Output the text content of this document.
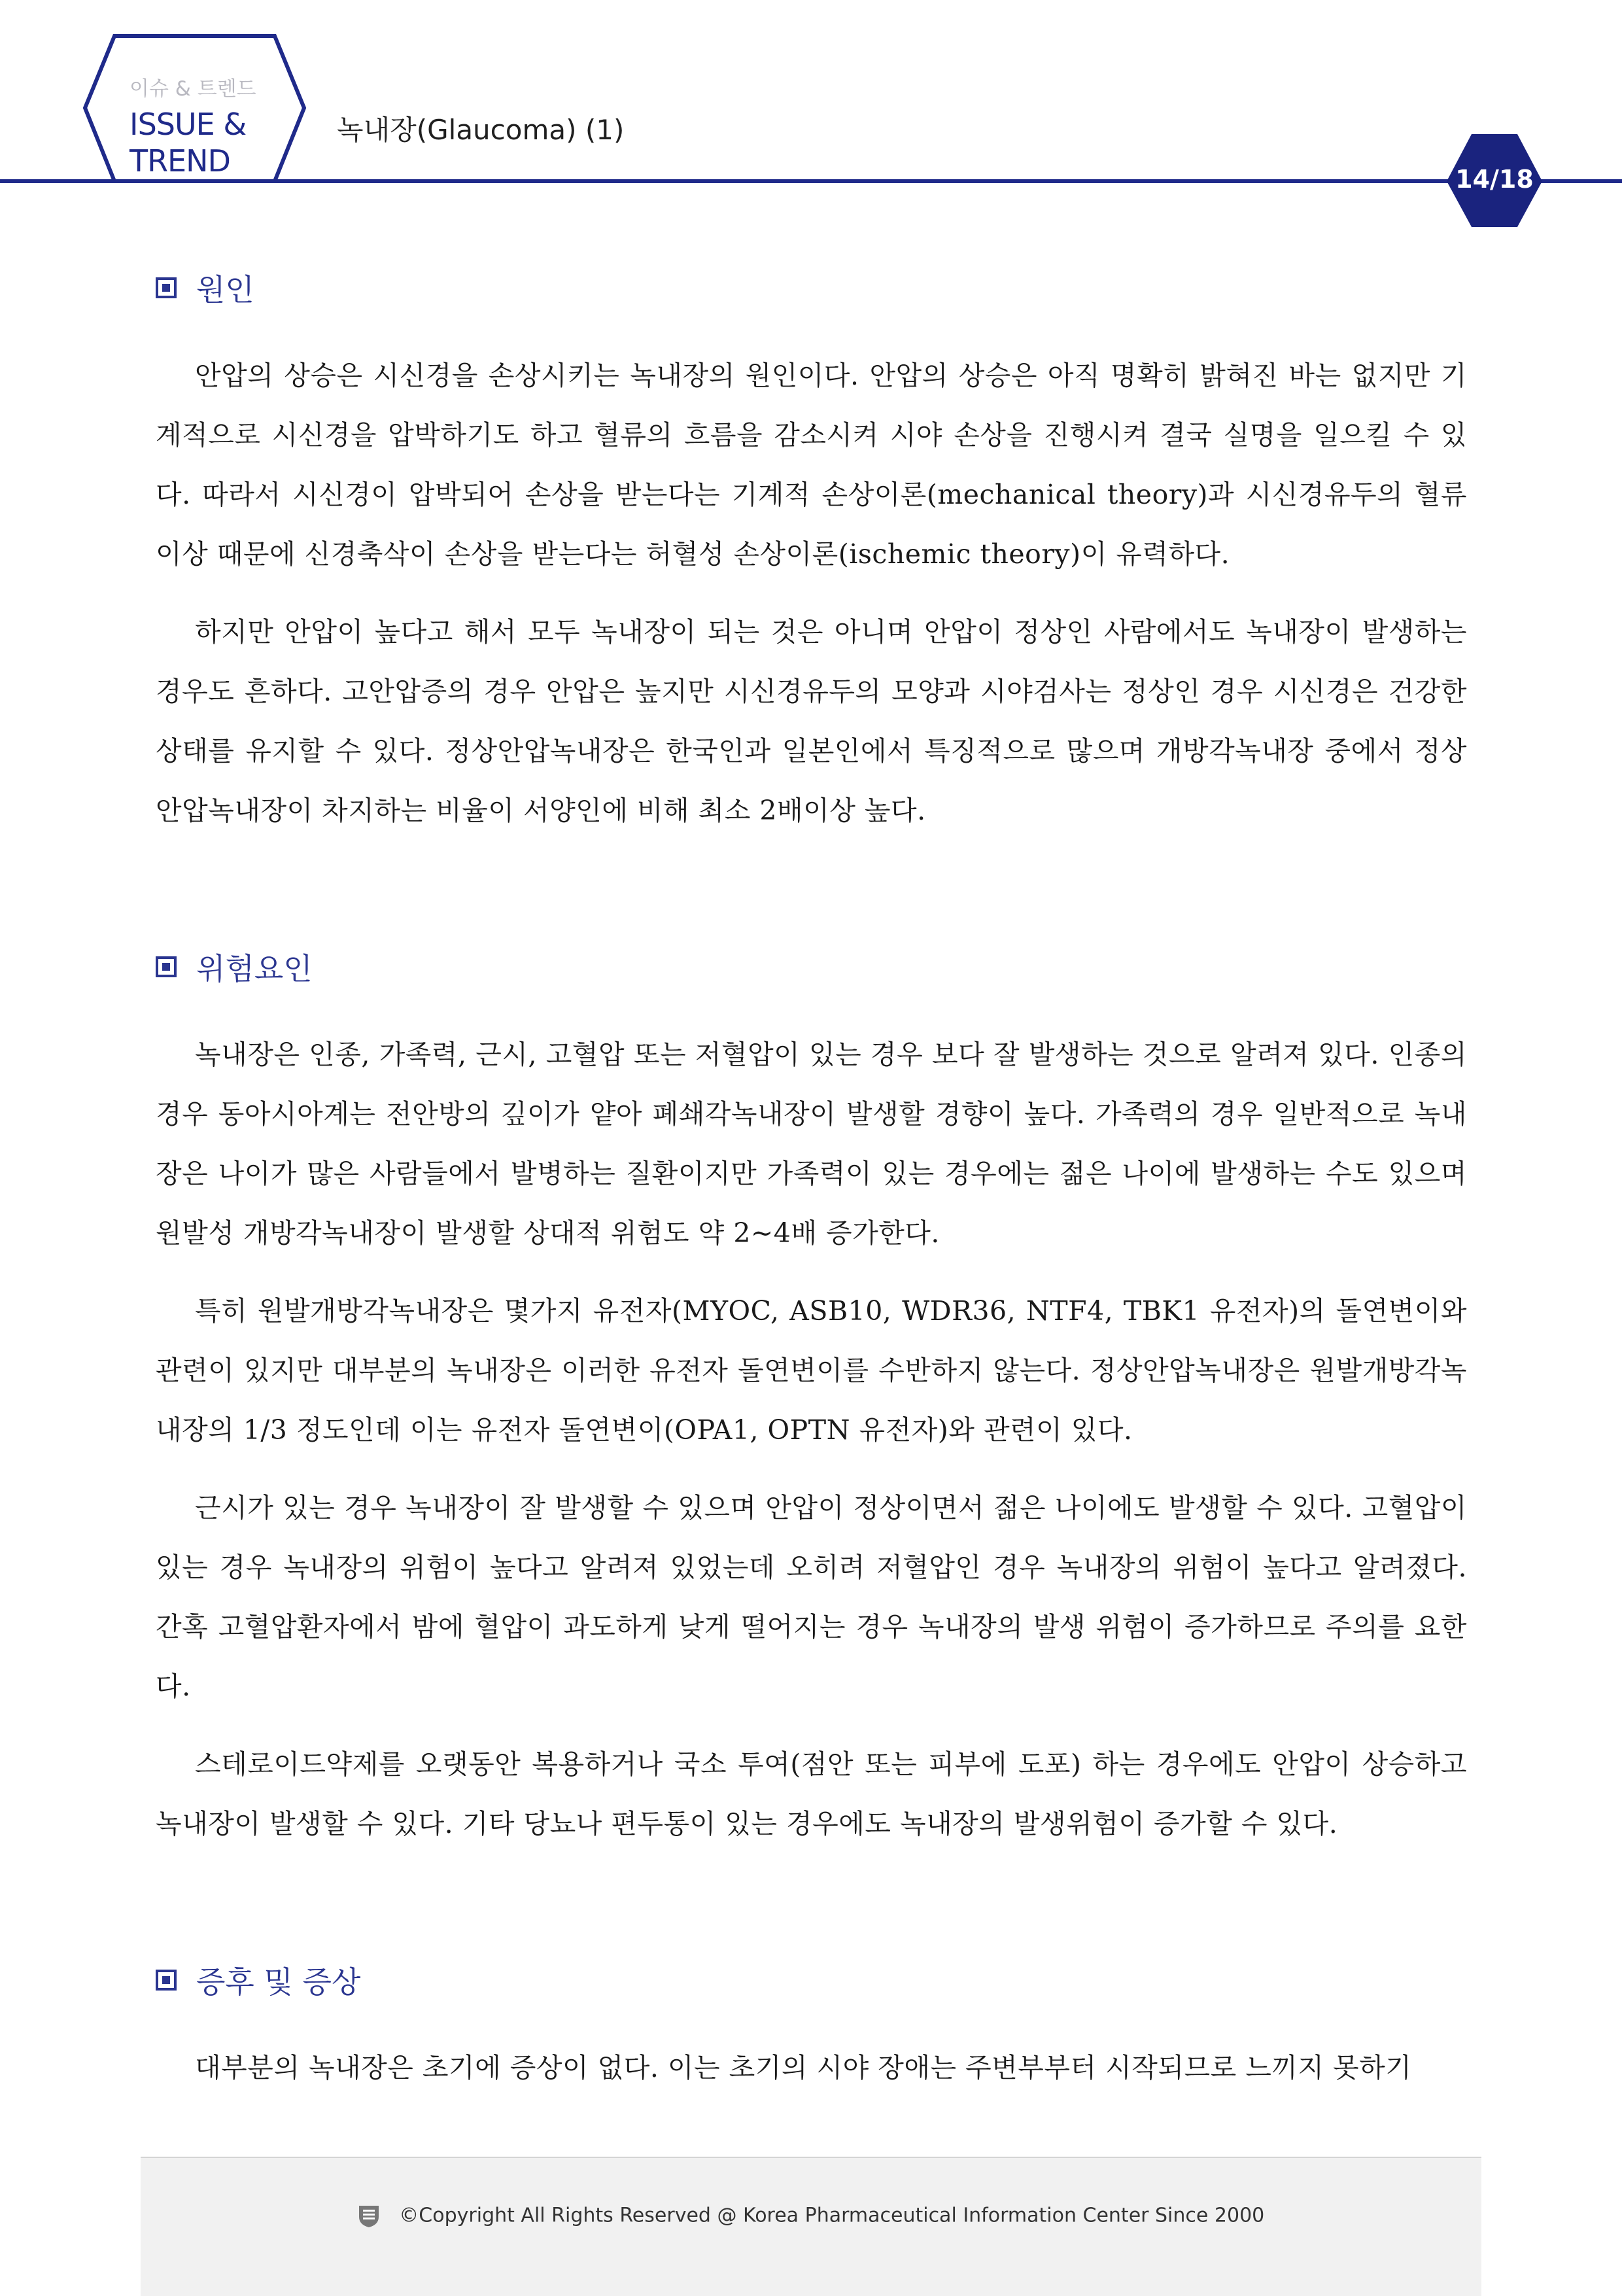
이슈 & 트렌드
ISSUE &
TREND
녹내장(Glaucoma) (1)
14/18
원인

안압의 상승은 시신경을 손상시키는 녹내장의 원인이다. 안압의 상승은 아직 명확히 밝혀진 바는 없지만 기계적으로 시신경을 압박하기도 하고 혈류의 흐름을 감소시켜 시야 손상을 진행시켜 결국 실명을 일으킬 수 있다. 따라서 시신경이 압박되어 손상을 받는다는 기계적 손상이론(mechanical theory)과 시신경유두의 혈류이상 때문에 신경축삭이 손상을 받는다는 허혈성 손상이론(ischemic theory)이 유력하다.

하지만 안압이 높다고 해서 모두 녹내장이 되는 것은 아니며 안압이 정상인 사람에서도 녹내장이 발생하는 경우도 흔하다. 고안압증의 경우 안압은 높지만 시신경유두의 모양과 시야검사는 정상인 경우 시신경은 건강한 상태를 유지할 수 있다. 정상안압녹내장은 한국인과 일본인에서 특징적으로 많으며 개방각녹내장 중에서 정상 안압녹내장이 차지하는 비율이 서양인에 비해 최소 2배이상 높다.

위험요인

녹내장은 인종, 가족력, 근시, 고혈압 또는 저혈압이 있는 경우 보다 잘 발생하는 것으로 알려져 있다. 인종의 경우 동아시아계는 전안방의 깊이가 얕아 폐쇄각녹내장이 발생할 경향이 높다. 가족력의 경우 일반적으로 녹내장은 나이가 많은 사람들에서 발병하는 질환이지만 가족력이 있는 경우에는 젊은 나이에 발생하는 수도 있으며 원발성 개방각녹내장이 발생할 상대적 위험도 약 2~4배 증가한다.

특히 원발개방각녹내장은 몇가지 유전자(MYOC, ASB10, WDR36, NTF4, TBK1 유전자)의 돌연변이와 관련이 있지만 대부분의 녹내장은 이러한 유전자 돌연변이를 수반하지 않는다. 정상안압녹내장은 원발개방각녹내장의 1/3 정도인데 이는 유전자 돌연변이(OPA1, OPTN 유전자)와 관련이 있다.

근시가 있는 경우 녹내장이 잘 발생할 수 있으며 안압이 정상이면서 젊은 나이에도 발생할 수 있다. 고혈압이 있는 경우 녹내장의 위험이 높다고 알려져 있었는데 오히려 저혈압인 경우 녹내장의 위험이 높다고 알려졌다. 간혹 고혈압환자에서 밤에 혈압이 과도하게 낮게 떨어지는 경우 녹내장의 발생 위험이 증가하므로 주의를 요한다.

스테로이드약제를 오랫동안 복용하거나 국소 투여(점안 또는 피부에 도포) 하는 경우에도 안압이 상승하고 녹내장이 발생할 수 있다. 기타 당뇨나 편두통이 있는 경우에도 녹내장의 발생위험이 증가할 수 있다.

증후 및 증상

대부분의 녹내장은 초기에 증상이 없다. 이는 초기의 시야 장애는 주변부부터 시작되므로 느끼지 못하기

©Copyright All Rights Reserved @ Korea Pharmaceutical Information Center Since 2000
